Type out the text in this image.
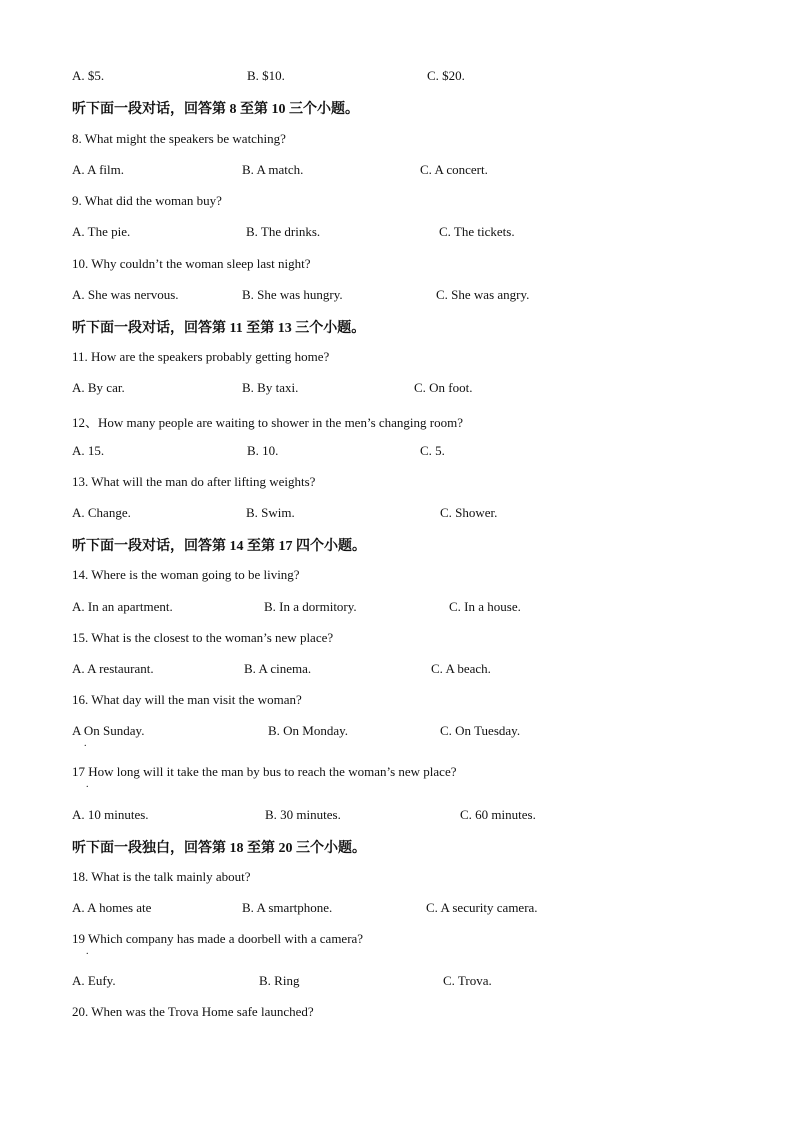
A. $5.	B. $10.	C. $20.
听下面一段对话，回答第 8 至第 10 三个小题。
8. What might the speakers be watching?
A. A film.	B. A match.	C. A concert.
9. What did the woman buy?
A. The pie.	B. The drinks.	C. The tickets.
10. Why couldn’t the woman sleep last night?
A. She was nervous.	B. She was hungry.	C. She was angry.
听下面一段对话，回答第 11 至第 13 三个小题。
11. How are the speakers probably getting home?
A. By car.	B. By taxi.	C. On foot.
12、How many people are waiting to shower in the men’s changing room?
A. 15.	B. 10.	C. 5.
13. What will the man do after lifting weights?
A. Change.	B. Swim.	C. Shower.
听下面一段对话，回答第 14 至第 17 四个小题。
14. Where is the woman going to be living?
A. In an apartment.	B. In a dormitory.	C. In a house.
15. What is the closest to the woman’s new place?
A. A restaurant.	B. A cinema.	C. A beach.
16. What day will the man visit the woman?
A On Sunday.	B. On Monday.	C. On Tuesday.
.
17 How long will it take the man by bus to reach the woman’s new place?
.
A. 10 minutes.	B. 30 minutes.	C. 60 minutes.
听下面一段独白，回答第 18 至第 20 三个小题。
18. What is the talk mainly about?
A. A homes ate	B. A smartphone.	C. A security camera.
19 Which company has made a doorbell with a camera?
.
A. Eufy.	B. Ring	C. Trova.
20. When was the Trova Home safe launched?
